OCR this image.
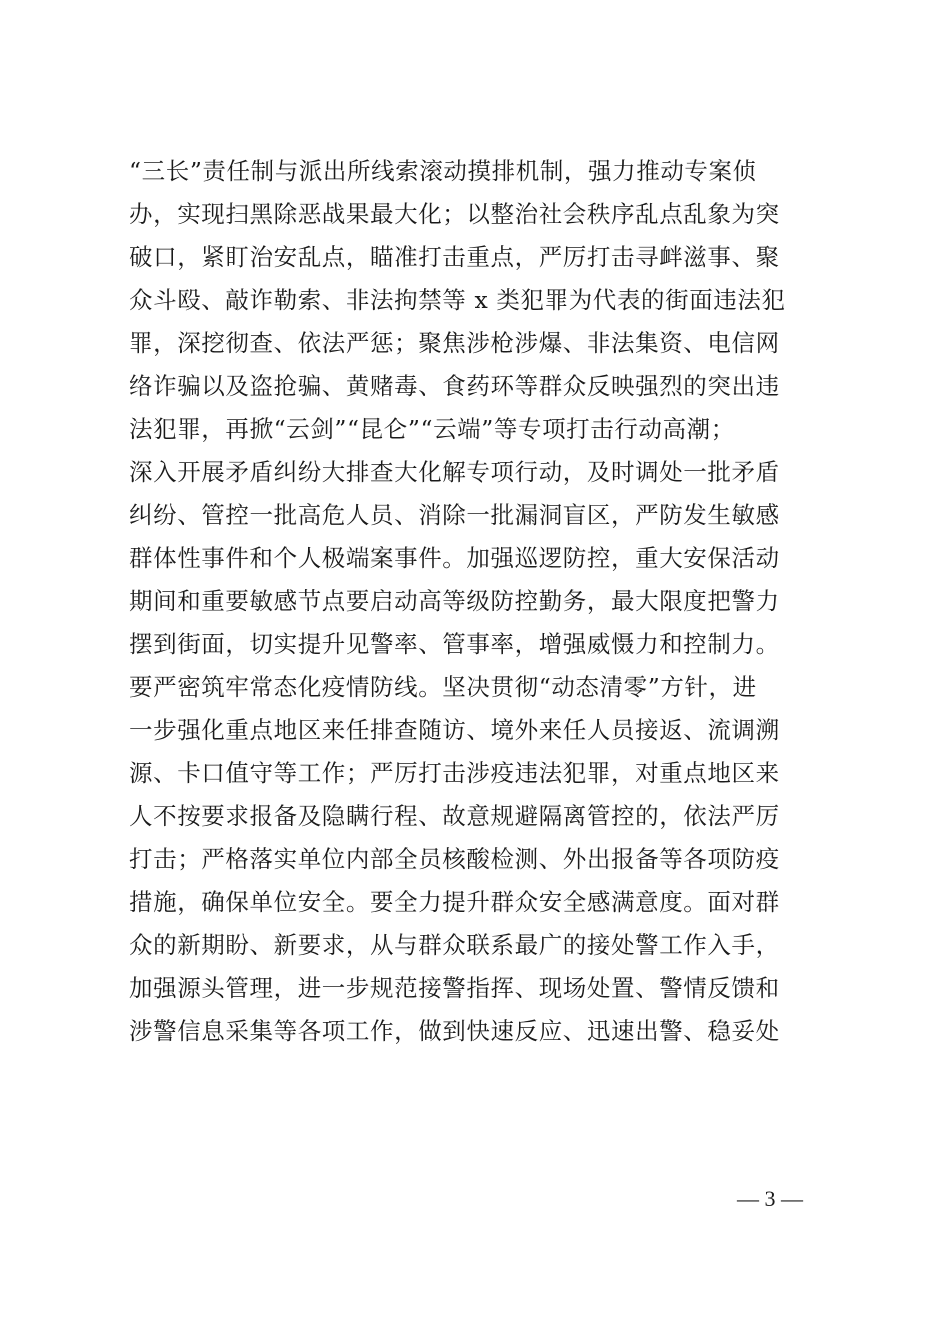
“三长”责任制与派出所线索滚动摸排机制，强力推动专案侦
办，实现扫黑除恶战果最大化；以整治社会秩序乱点乱象为突
破口，紧盯治安乱点，瞄准打击重点，严厉打击寻衅滋事、聚
众斗殴、敲诈勒索、非法拘禁等 x 类犯罪为代表的街面违法犯
罪，深挖彻查、依法严惩；聚焦涉枪涉爆、非法集资、电信网
络诈骗以及盗抢骗、黄赌毒、食药环等群众反映强烈的突出违
法犯罪，再掀“云剑”“昆仑”“云端”等专项打击行动高潮；
深入开展矛盾纠纷大排查大化解专项行动，及时调处一批矛盾
纠纷、管控一批高危人员、消除一批漏洞盲区，严防发生敏感
群体性事件和个人极端案事件。加强巡逻防控，重大安保活动
期间和重要敏感节点要启动高等级防控勤务，最大限度把警力
摆到街面，切实提升见警率、管事率，增强威慑力和控制力。
要严密筑牢常态化疫情防线。坚决贯彻“动态清零”方针，进
一步强化重点地区来任排查随访、境外来任人员接返、流调溯
源、卡口值守等工作；严厉打击涉疫违法犯罪，对重点地区来
人不按要求报备及隐瞒行程、故意规避隔离管控的，依法严厉
打击；严格落实单位内部全员核酸检测、外出报备等各项防疫
措施，确保单位安全。要全力提升群众安全感满意度。面对群
众的新期盼、新要求，从与群众联系最广的接处警工作入手，
加强源头管理，进一步规范接警指挥、现场处置、警情反馈和
涉警信息采集等各项工作，做到快速反应、迅速出警、稳妥处
— 3 —
